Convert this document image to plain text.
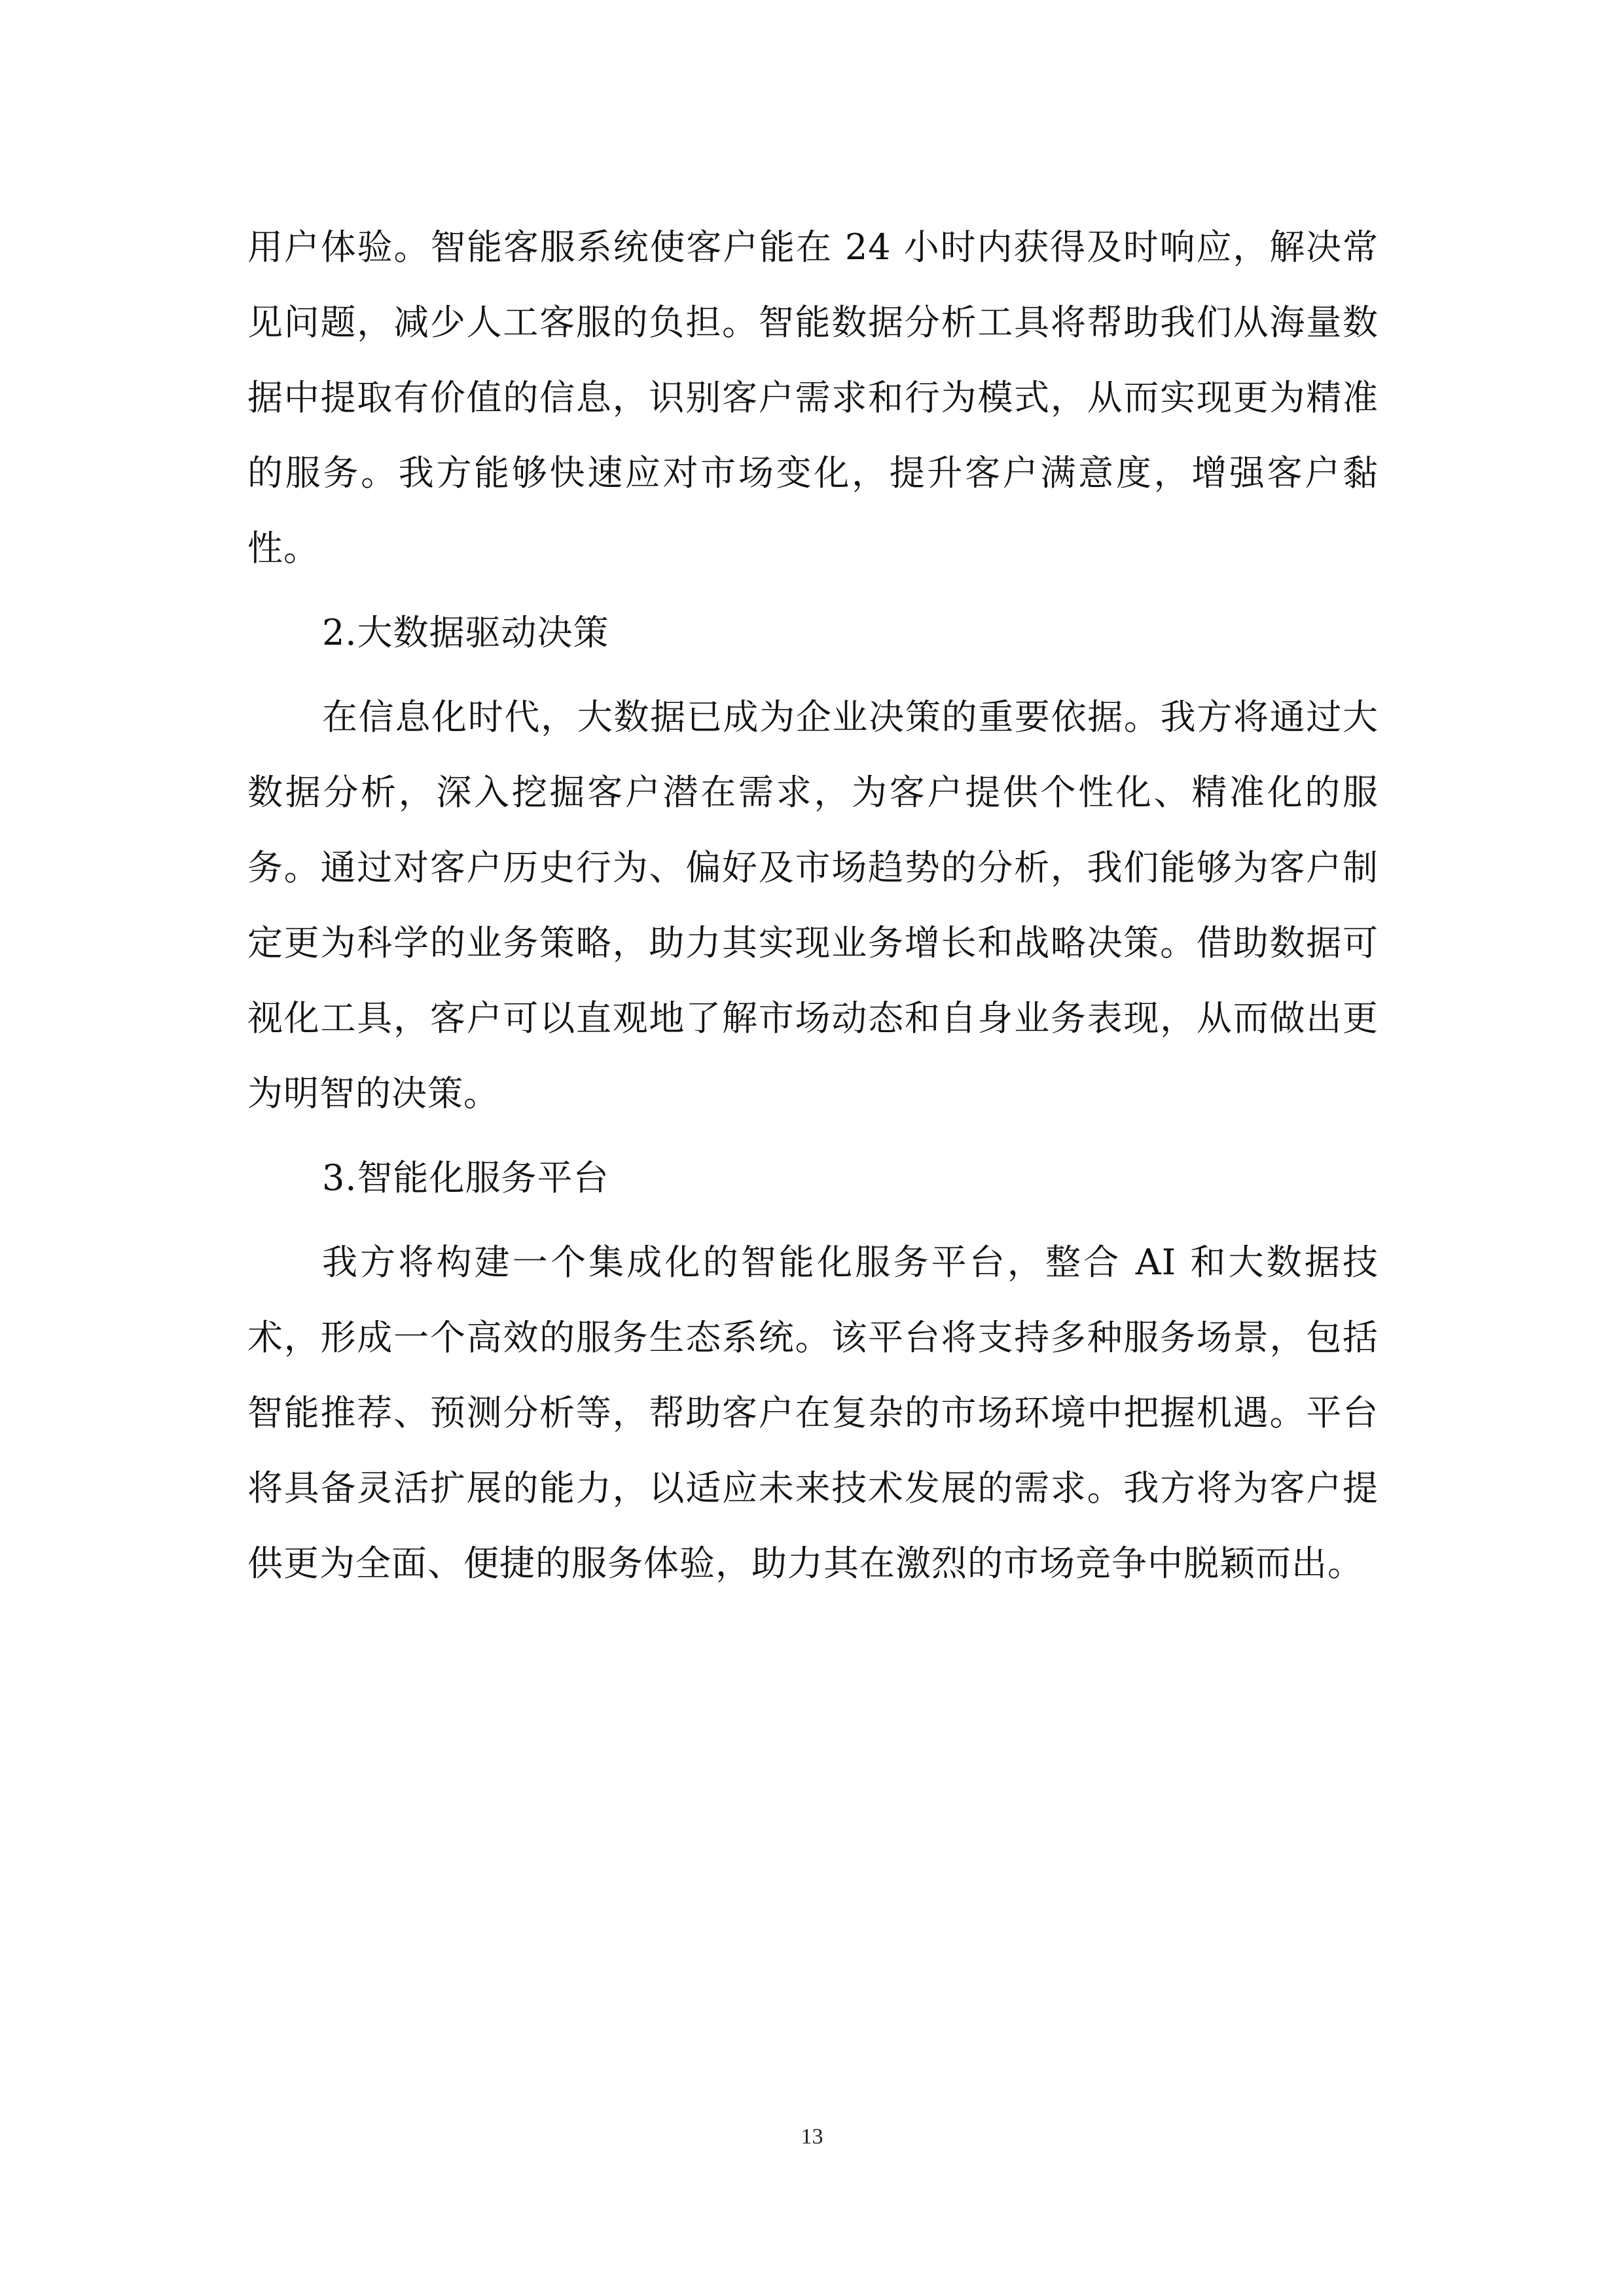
用户体验。智能客服系统使客户能在 24 小时内获得及时响应，解决常见问题，减少人工客服的负担。智能数据分析工具将帮助我们从海量数据中提取有价值的信息，识别客户需求和行为模式，从而实现更为精准的服务。我方能够快速应对市场变化，提升客户满意度，增强客户黏性。

2.大数据驱动决策

在信息化时代，大数据已成为企业决策的重要依据。我方将通过大数据分析，深入挖掘客户潜在需求，为客户提供个性化、精准化的服务。通过对客户历史行为、偏好及市场趋势的分析，我们能够为客户制定更为科学的业务策略，助力其实现业务增长和战略决策。借助数据可视化工具，客户可以直观地了解市场动态和自身业务表现，从而做出更为明智的决策。

3.智能化服务平台

我方将构建一个集成化的智能化服务平台，整合 AI 和大数据技术，形成一个高效的服务生态系统。该平台将支持多种服务场景，包括智能推荐、预测分析等，帮助客户在复杂的市场环境中把握机遇。平台将具备灵活扩展的能力，以适应未来技术发展的需求。我方将为客户提供更为全面、便捷的服务体验，助力其在激烈的市场竞争中脱颖而出。

13
